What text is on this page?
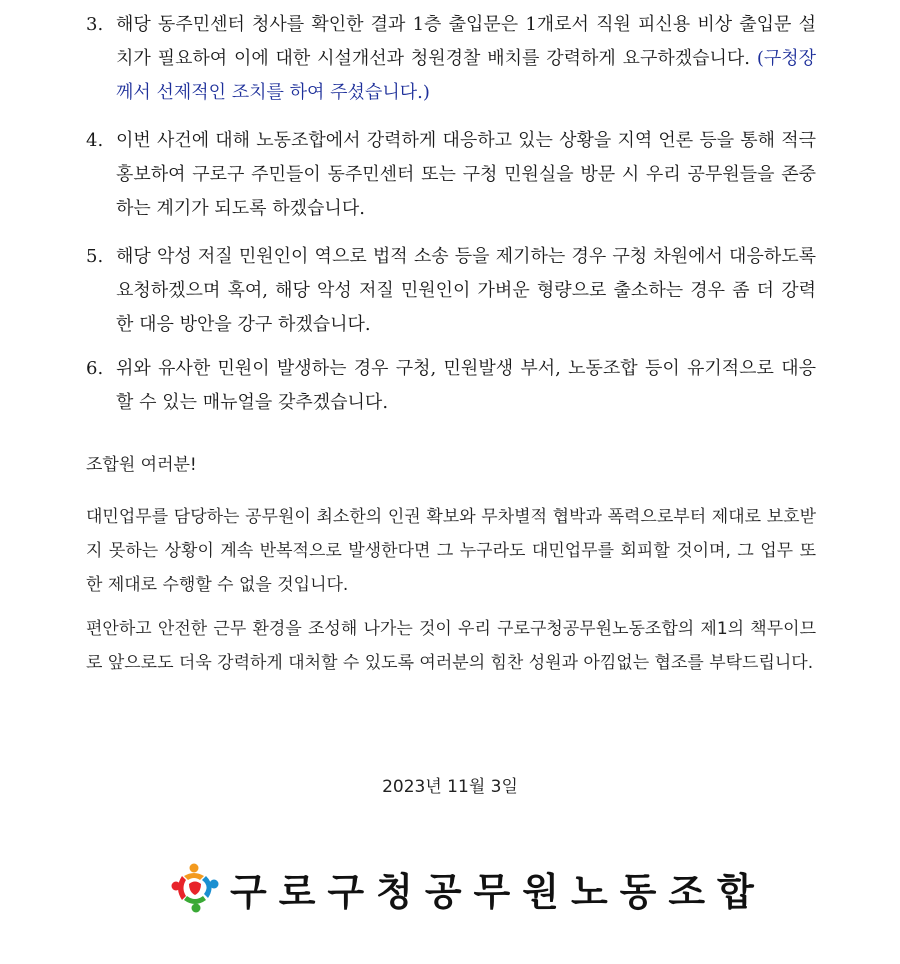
3. 해당 동주민센터 청사를 확인한 결과 1층 출입문은 1개로서 직원 피신용 비상 출입문 설치가 필요하여 이에 대한 시설개선과 청원경찰 배치를 강력하게 요구하겠습니다. (구청장께서 선제적인 조치를 하여 주셨습니다.)
4. 이번 사건에 대해 노동조합에서 강력하게 대응하고 있는 상황을 지역 언론 등을 통해 적극 홍보하여 구로구 주민들이 동주민센터 또는 구청 민원실을 방문 시 우리 공무원들을 존중하는 계기가 되도록 하겠습니다.
5. 해당 악성 저질 민원인이 역으로 법적 소송 등을 제기하는 경우 구청 차원에서 대응하도록 요청하겠으며 혹여, 해당 악성 저질 민원인이 가벼운 형량으로 출소하는 경우 좀 더 강력한 대응 방안을 강구 하겠습니다.
6. 위와 유사한 민원이 발생하는 경우 구청, 민원발생 부서, 노동조합 등이 유기적으로 대응할 수 있는 매뉴얼을 갖추겠습니다.
조합원 여러분!
대민업무를 담당하는 공무원이 최소한의 인권 확보와 무차별적 협박과 폭력으로부터 제대로 보호받지 못하는 상황이 계속 반복적으로 발생한다면 그 누구라도 대민업무를 회피할 것이며, 그 업무 또한 제대로 수행할 수 없을 것입니다.
편안하고 안전한 근무 환경을 조성해 나가는 것이 우리 구로구청공무원노동조합의 제1의 책무이므로 앞으로도 더욱 강력하게 대처할 수 있도록 여러분의 힘찬 성원과 아낌없는 협조를 부탁드립니다.
2023년 11월 3일
구로구청공무원노동조합
